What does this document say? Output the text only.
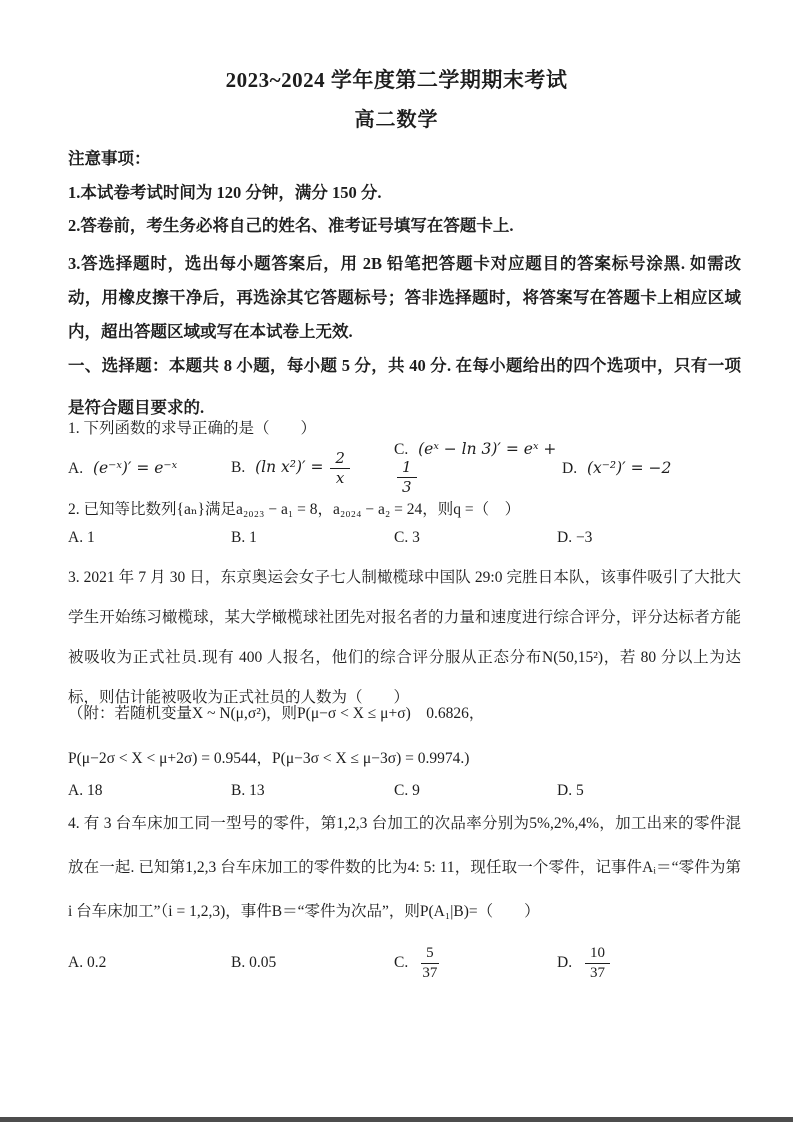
2023~2024 学年度第二学期期末考试
高二数学
注意事项：
1.本试卷考试时间为 120 分钟，满分 150 分.
2.答卷前，考生务必将自己的姓名、准考证号填写在答题卡上.
3.答选择题时，选出每小题答案后，用 2B 铅笔把答题卡对应题目的答案标号涂黑. 如需改动，用橡皮擦干净后，再选涂其它答题标号；答非选择题时，将答案写在答题卡上相应区域内，超出答题区域或写在本试卷上无效.
一、选择题：本题共 8 小题，每小题 5 分，共 40 分. 在每小题给出的四个选项中，只有一项是符合题目要求的.
1. 下列函数的求导正确的是（　　）
A. (e⁻ˣ)′ = e⁻ˣ	B. (ln $x^2)' = \frac{2}{x}$	C. (eˣ − ln 3)′ = eˣ +
$\frac{1}{3}$	D. (x⁻²)′ = −2
2. 已知等比数列{aₙ}满足a₂₀₂₃ − a₁ = 8，a₂₀₂₄ − a₂ = 24，则q =（　）
A. 1	B. 1	C. 3	D. −3
3. 2021 年 7 月 30 日，东京奥运会女子七人制橄榄球中国队 29:0 完胜日本队，该事件吸引了大批大学生开始练习橄榄球，某大学橄榄球社团先对报名者的力量和速度进行综合评分，评分达标者方能被吸收为正式社员.现有 400 人报名，他们的综合评分服从正态分布N(50,15²)，若 80 分以上为达标，则估计能被吸收为正式社员的人数为（　　）
（附：若随机变量X ~ N(μ,σ²)，则P(μ−σ < X ≤ μ+σ)　0.6826，
P(μ−2σ < X < μ+2σ) = 0.9544，P(μ−3σ < X ≤ μ−3σ) = 0.9974.)
A. 18	B. 13	C. 9	D. 5
4. 有 3 台车床加工同一型号的零件，第1,2,3 台加工的次品率分别为5%,2%,4%，加工出来的零件混放在一起. 已知第1,2,3 台车床加工的零件数的比为4: 5: 11，现任取一个零件，记事件Aᵢ＝“零件为第 i 台车床加工”（i = 1,2,3)，事件B＝“零件为次品”，则P(A₁|B)=（　　）
A. 0.2	B. 0.05	C. $\frac{5}{37}$	D. $\frac{10}{37}$
